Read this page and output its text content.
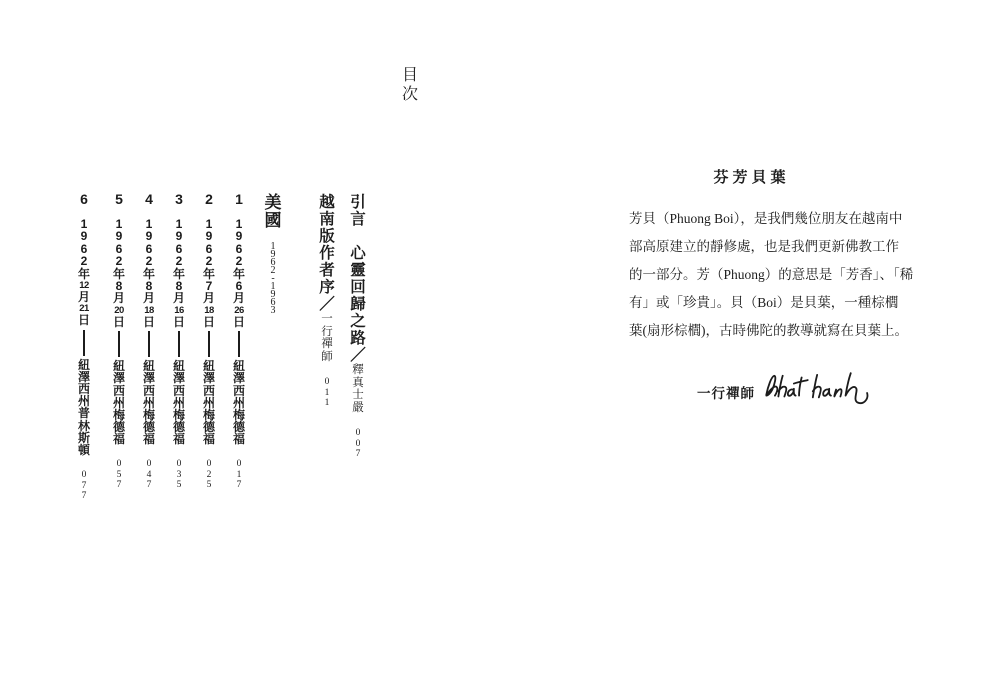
目
次
引
言

心
靈
回
歸
之
路
／
釋
真
士
嚴
0
0
7
越
南
版
作
者
序
／
一
行
禪
師
0
1
1
美
國
1
9
6
2
-
1
9
6
3
1
1
9
6
2
年
6
月
26
日
紐
澤
西
州
梅
德
福
0
1
7
2
1
9
6
2
年
7
月
18
日
紐
澤
西
州
梅
德
福
0
2
5
3
1
9
6
2
年
8
月
16
日
紐
澤
西
州
梅
德
福
0
3
5
4
1
9
6
2
年
8
月
18
日
紐
澤
西
州
梅
德
福
0
4
7
5
1
9
6
2
年
8
月
20
日
紐
澤
西
州
梅
德
福
0
5
7
6
1
9
6
2
年
12
月
21
日
紐
澤
西
州
普
林
斯
頓
0
7
7
芬芳貝葉
芳貝（Phuong Boi），是我們幾位朋友在越南中
部高原建立的靜修處，也是我們更新佛教工作
的一部分。芳（Phuong）的意思是「芳香」、「稀
有」或「珍貴」。貝（Boi）是貝葉，一種棕櫚
葉(扇形棕櫚)，古時佛陀的教導就寫在貝葉上。
一行禪師
